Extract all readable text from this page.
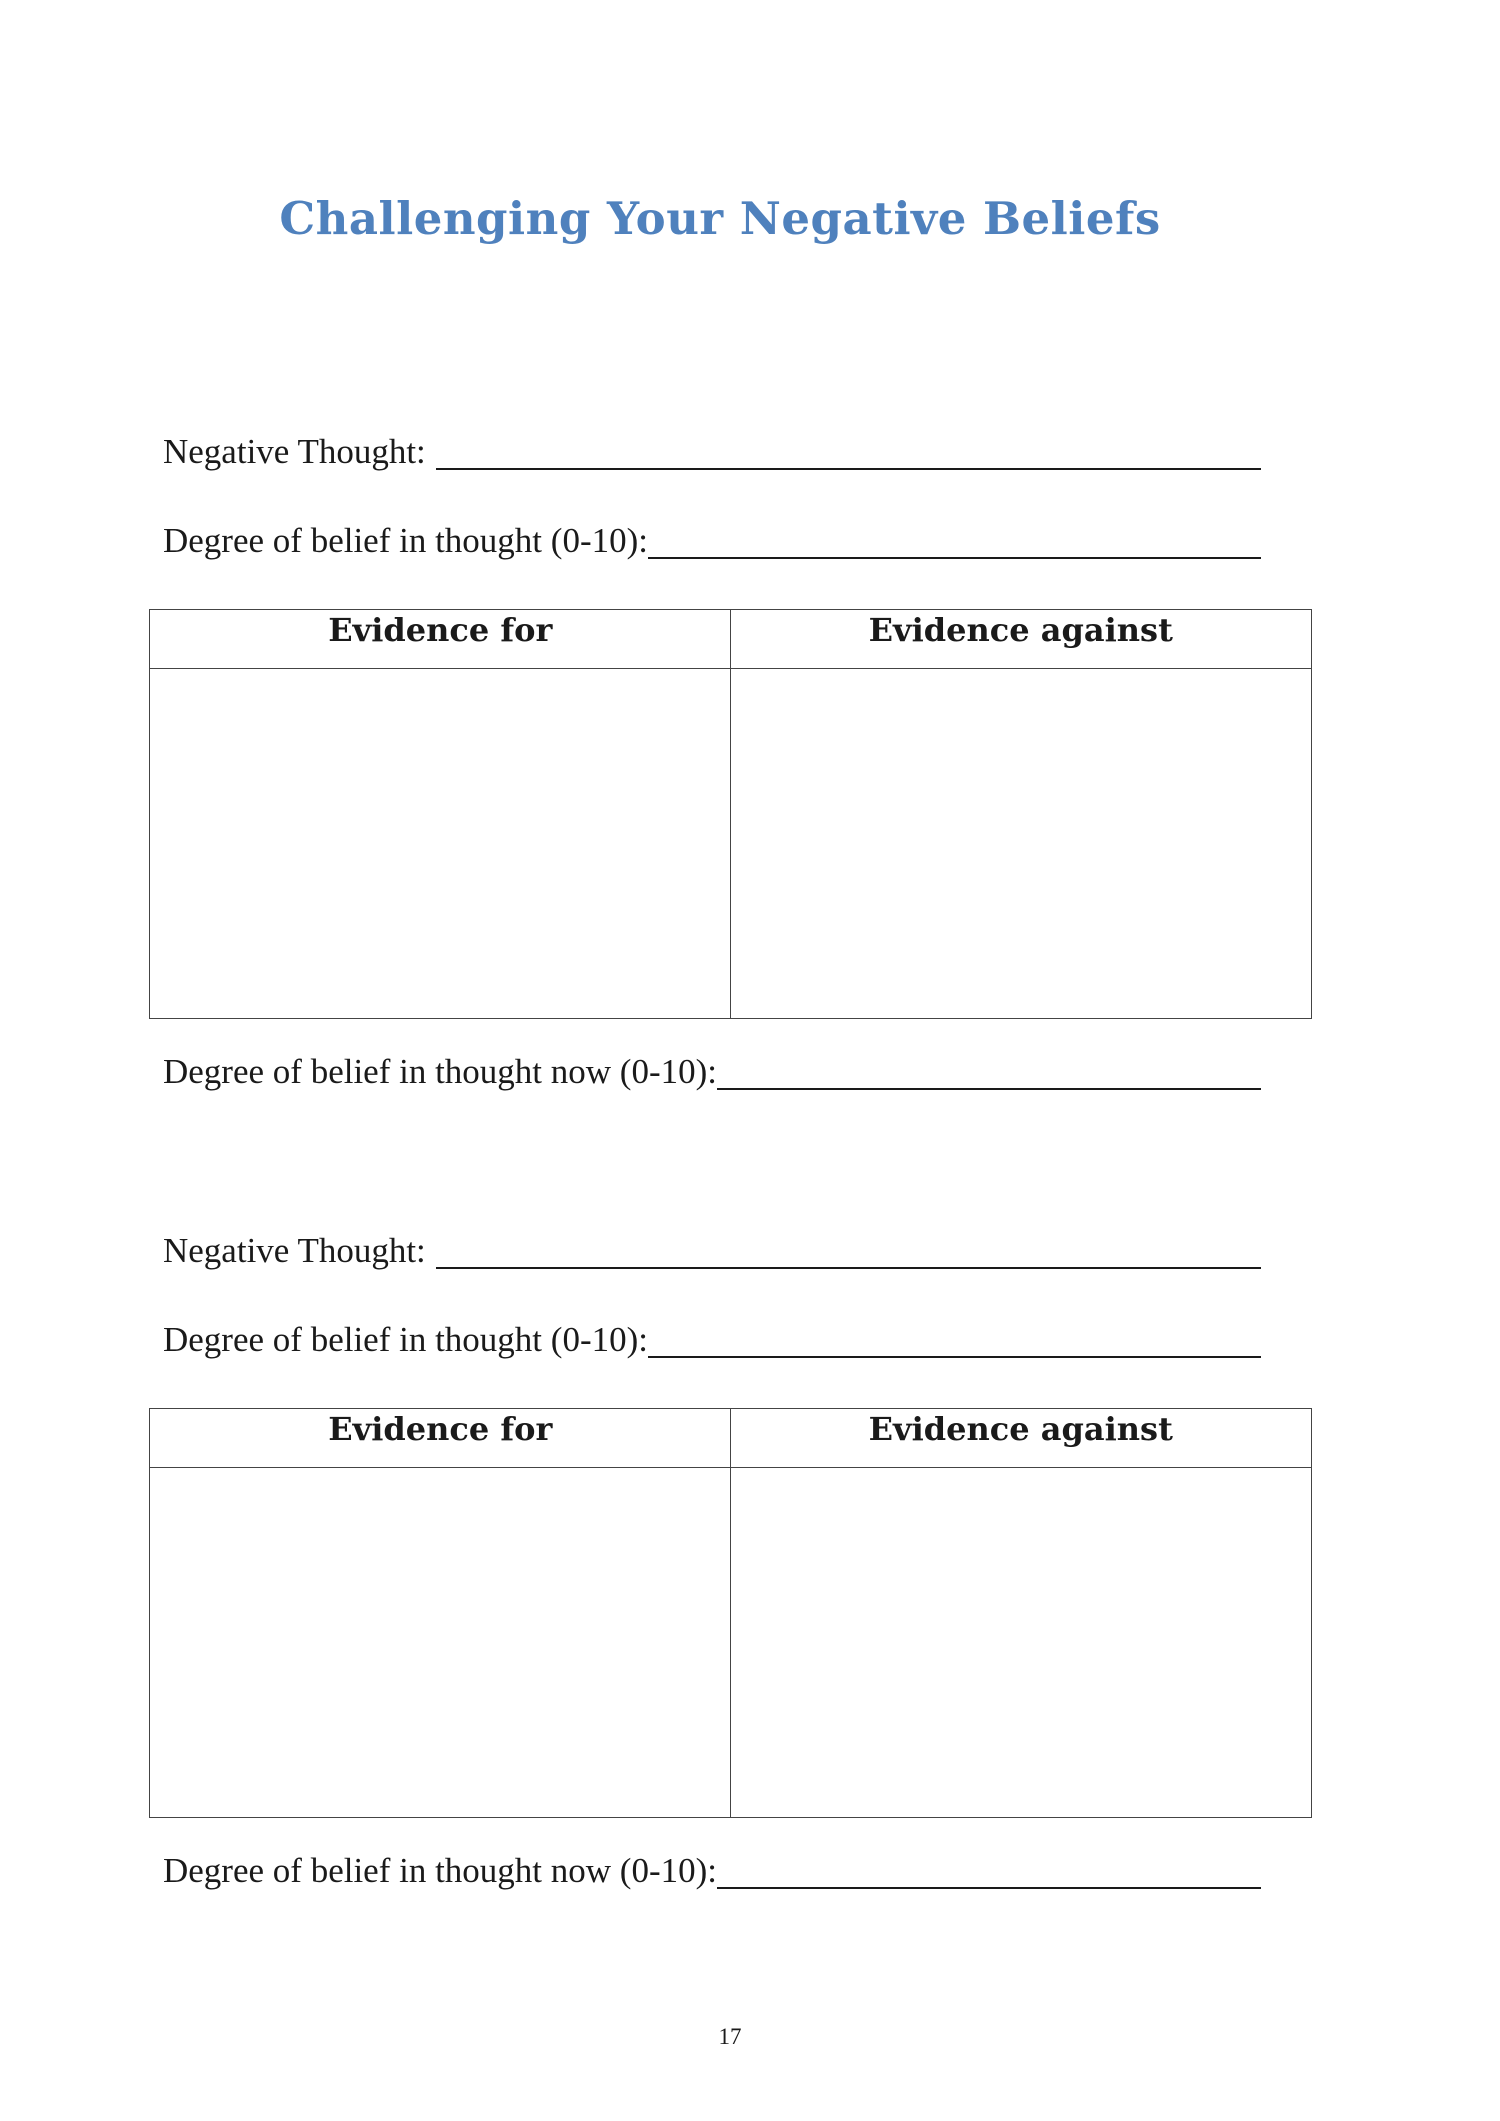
Challenging Your Negative Beliefs
Negative Thought:
Degree of belief in thought (0-10):
Evidence for	Evidence against
Degree of belief in thought now (0-10):
Negative Thought:
Degree of belief in thought (0-10):
Evidence for	Evidence against
Degree of belief in thought now (0-10):
17
